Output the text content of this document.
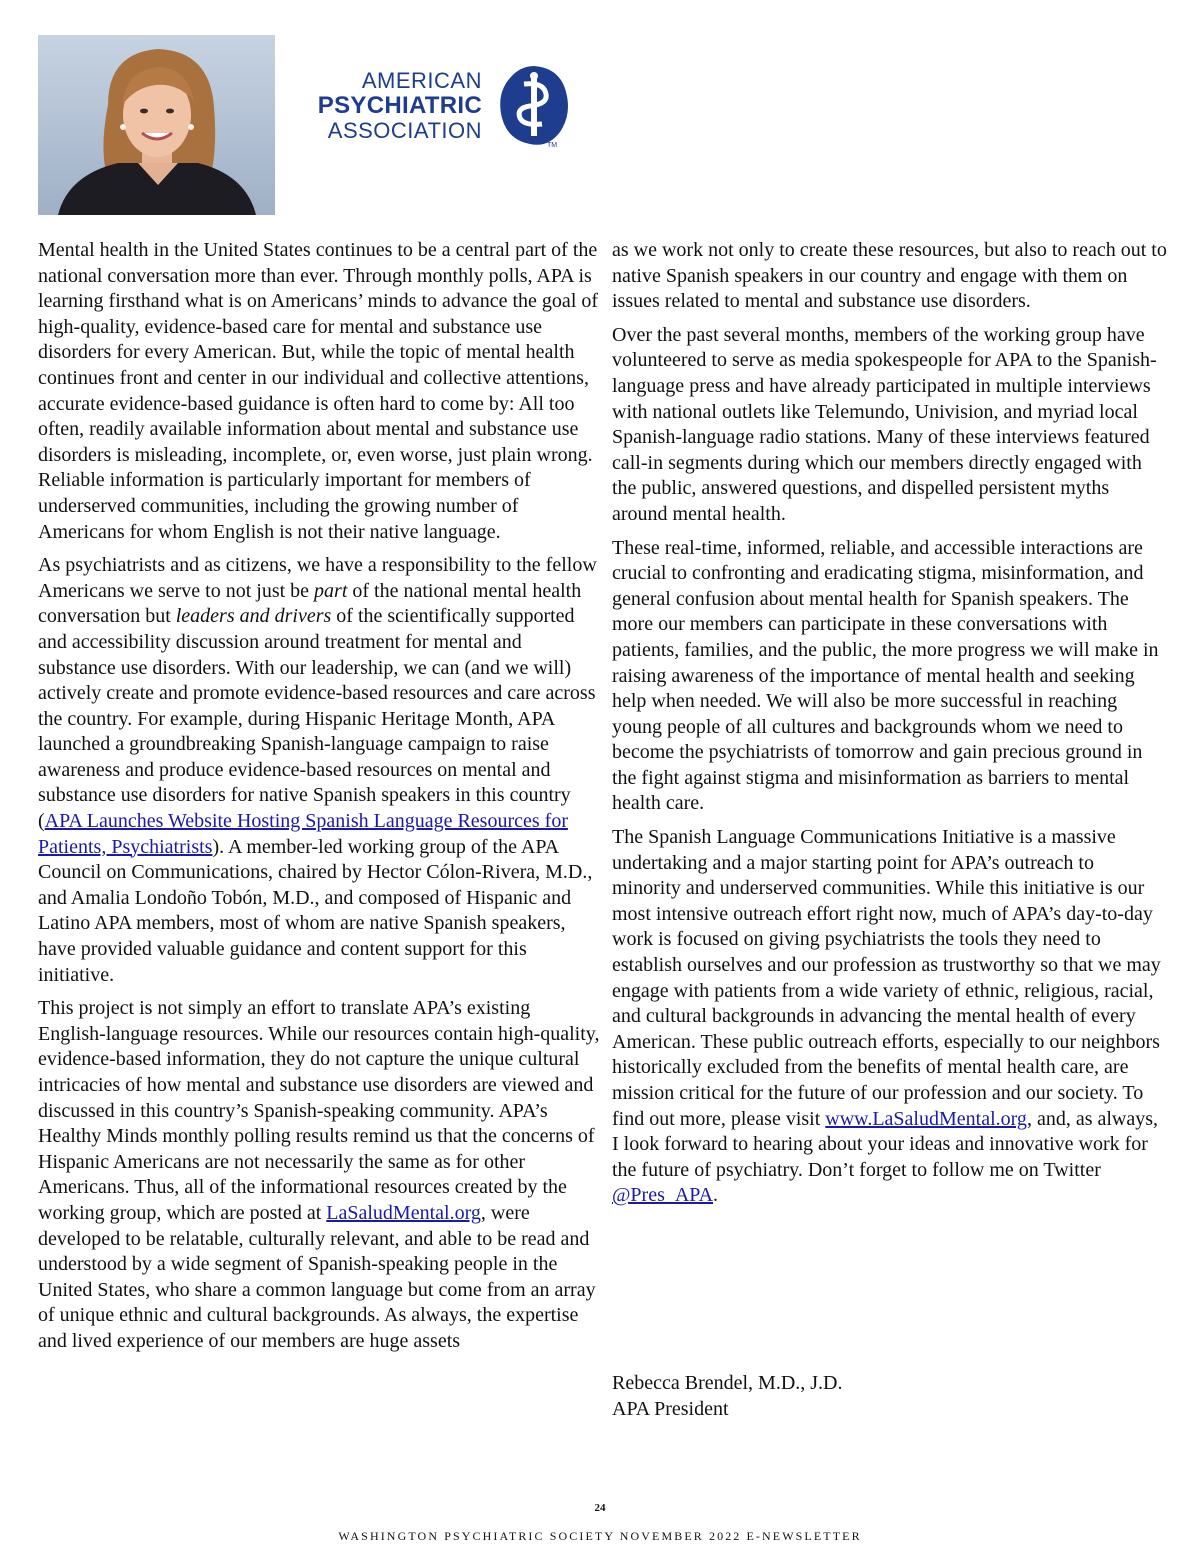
AMERICAN
PSYCHIATRIC
ASSOCIATION
TM

Mental health in the United States continues to be a central part of the national conversation more than ever. Through monthly polls, APA is learning firsthand what is on Americans’ minds to advance the goal of high-quality, evidence-based care for mental and substance use disorders for every American. But, while the topic of mental health continues front and center in our individual and collective attentions, accurate evidence-based guidance is often hard to come by: All too often, readily available information about mental and substance use disorders is misleading, incomplete, or, even worse, just plain wrong. Reliable information is particularly important for members of underserved communities, including the growing number of Americans for whom English is not their native language.

As psychiatrists and as citizens, we have a responsibility to the fellow Americans we serve to not just be part of the national mental health conversation but leaders and drivers of the scientifically supported and accessibility discussion around treatment for mental and substance use disorders. With our leadership, we can (and we will) actively create and promote evidence-based resources and care across the country. For example, during Hispanic Heritage Month, APA launched a groundbreaking Spanish-language campaign to raise awareness and produce evidence-based resources on mental and substance use disorders for native Spanish speakers in this country (APA Launches Website Hosting Spanish Language Resources for Patients, Psychiatrists). A member-led working group of the APA Council on Communications, chaired by Hector Cólon-Rivera, M.D., and Amalia Londoño Tobón, M.D., and composed of Hispanic and Latino APA members, most of whom are native Spanish speakers, have provided valuable guidance and content support for this initiative.

This project is not simply an effort to translate APA’s existing English-language resources. While our resources contain high-quality, evidence-based information, they do not capture the unique cultural intricacies of how mental and substance use disorders are viewed and discussed in this country’s Spanish-speaking community. APA’s Healthy Minds monthly polling results remind us that the concerns of Hispanic Americans are not necessarily the same as for other Americans. Thus, all of the informational resources created by the working group, which are posted at LaSaludMental.org, were developed to be relatable, culturally relevant, and able to be read and understood by a wide segment of Spanish-speaking people in the United States, who share a common language but come from an array of unique ethnic and cultural backgrounds. As always, the expertise and lived experience of our members are huge assets

as we work not only to create these resources, but also to reach out to native Spanish speakers in our country and engage with them on issues related to mental and substance use disorders.

Over the past several months, members of the working group have volunteered to serve as media spokespeople for APA to the Spanish-language press and have already participated in multiple interviews with national outlets like Telemundo, Univision, and myriad local Spanish-language radio stations. Many of these interviews featured call-in segments during which our members directly engaged with the public, answered questions, and dispelled persistent myths around mental health.

These real-time, informed, reliable, and accessible interactions are crucial to confronting and eradicating stigma, misinformation, and general confusion about mental health for Spanish speakers. The more our members can participate in these conversations with patients, families, and the public, the more progress we will make in raising awareness of the importance of mental health and seeking help when needed. We will also be more successful in reaching young people of all cultures and backgrounds whom we need to become the psychiatrists of tomorrow and gain precious ground in the fight against stigma and misinformation as barriers to mental health care.

The Spanish Language Communications Initiative is a massive undertaking and a major starting point for APA’s outreach to minority and underserved communities. While this initiative is our most intensive outreach effort right now, much of APA’s day-to-day work is focused on giving psychiatrists the tools they need to establish ourselves and our profession as trustworthy so that we may engage with patients from a wide variety of ethnic, religious, racial, and cultural backgrounds in advancing the mental health of every American. These public outreach efforts, especially to our neighbors historically excluded from the benefits of mental health care, are mission critical for the future of our profession and our society. To find out more, please visit www.LaSaludMental.org, and, as always, I look forward to hearing about your ideas and innovative work for the future of psychiatry. Don’t forget to follow me on Twitter @Pres_APA.

Rebecca Brendel, M.D., J.D.
APA President
24
WASHINGTON PSYCHIATRIC SOCIETY NOVEMBER 2022 E-NEWSLETTER
